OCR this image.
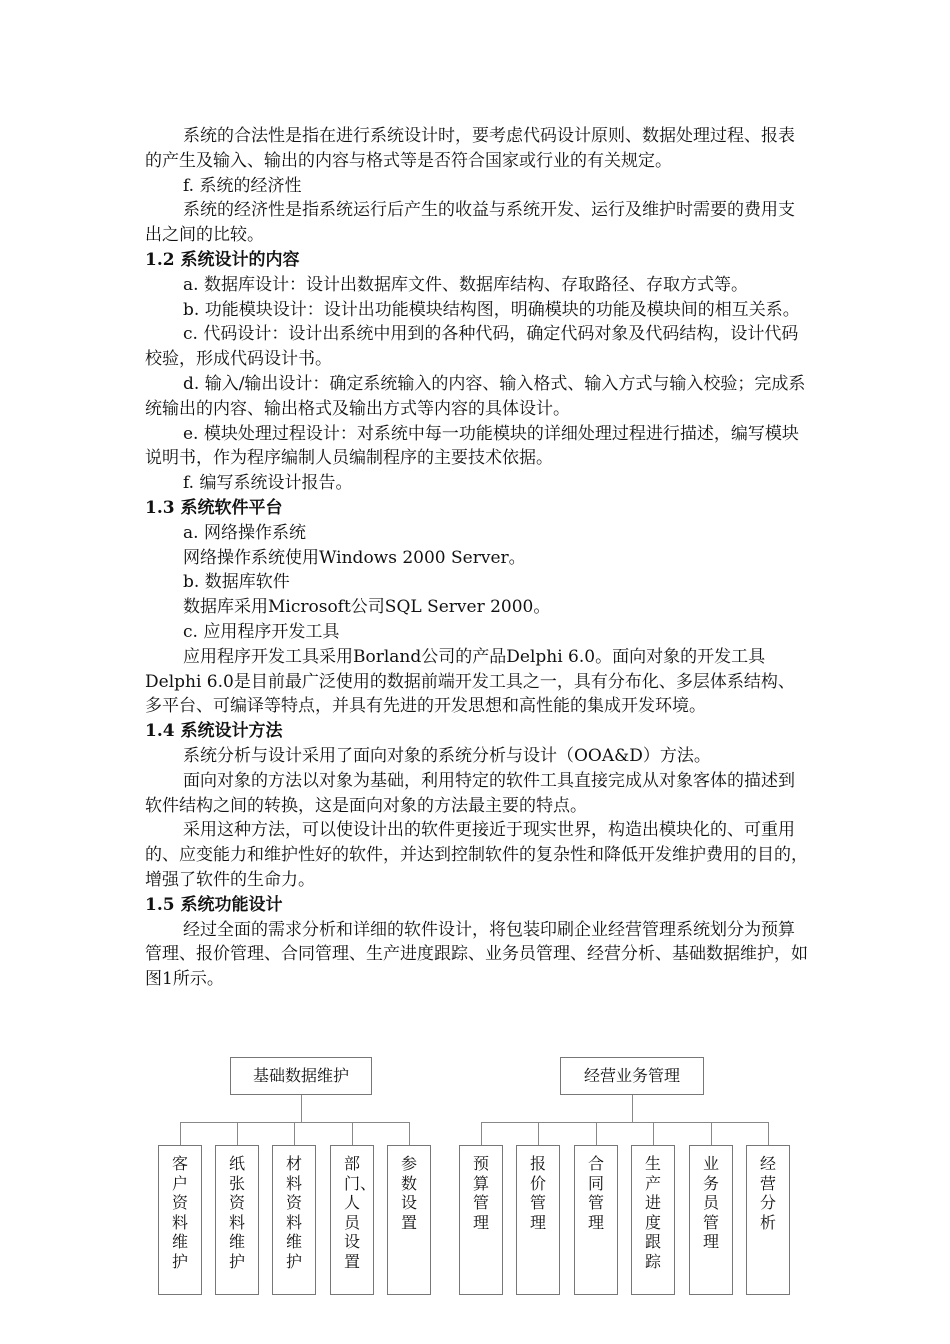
系统的合法性是指在进行系统设计时，要考虑代码设计原则、数据处理过程、报表的产生及输入、输出的内容与格式等是否符合国家或行业的有关规定。
f. 系统的经济性
系统的经济性是指系统运行后产生的收益与系统开发、运行及维护时需要的费用支出之间的比较。
1.2 系统设计的内容
a. 数据库设计：设计出数据库文件、数据库结构、存取路径、存取方式等。
b. 功能模块设计：设计出功能模块结构图，明确模块的功能及模块间的相互关系。
c. 代码设计：设计出系统中用到的各种代码，确定代码对象及代码结构，设计代码校验，形成代码设计书。
d. 输入/输出设计：确定系统输入的内容、输入格式、输入方式与输入校验；完成系统输出的内容、输出格式及输出方式等内容的具体设计。
e. 模块处理过程设计：对系统中每一功能模块的详细处理过程进行描述，编写模块说明书，作为程序编制人员编制程序的主要技术依据。
f. 编写系统设计报告。
1.3 系统软件平台
a. 网络操作系统
网络操作系统使用Windows 2000 Server。
b. 数据库软件
数据库采用Microsoft公司SQL Server 2000。
c. 应用程序开发工具
应用程序开发工具采用Borland公司的产品Delphi 6.0。面向对象的开发工具Delphi 6.0是目前最广泛使用的数据前端开发工具之一，具有分布化、多层体系结构、多平台、可编译等特点，并具有先进的开发思想和高性能的集成开发环境。
1.4 系统设计方法
系统分析与设计采用了面向对象的系统分析与设计（OOA&D）方法。
面向对象的方法以对象为基础，利用特定的软件工具直接完成从对象客体的描述到软件结构之间的转换，这是面向对象的方法最主要的特点。
采用这种方法，可以使设计出的软件更接近于现实世界，构造出模块化的、可重用的、应变能力和维护性好的软件，并达到控制软件的复杂性和降低开发维护费用的目的，增强了软件的生命力。
1.5 系统功能设计
经过全面的需求分析和详细的软件设计，将包装印刷企业经营管理系统划分为预算管理、报价管理、合同管理、生产进度跟踪、业务员管理、经营分析、基础数据维护，如图1所示。
基础数据维护
客户资料维护
纸张资料维护
材料资料维护
部门、人员设置
参数设置
经营业务管理
预算管理
报价管理
合同管理
生产进度跟踪
业务员管理
经营分析
